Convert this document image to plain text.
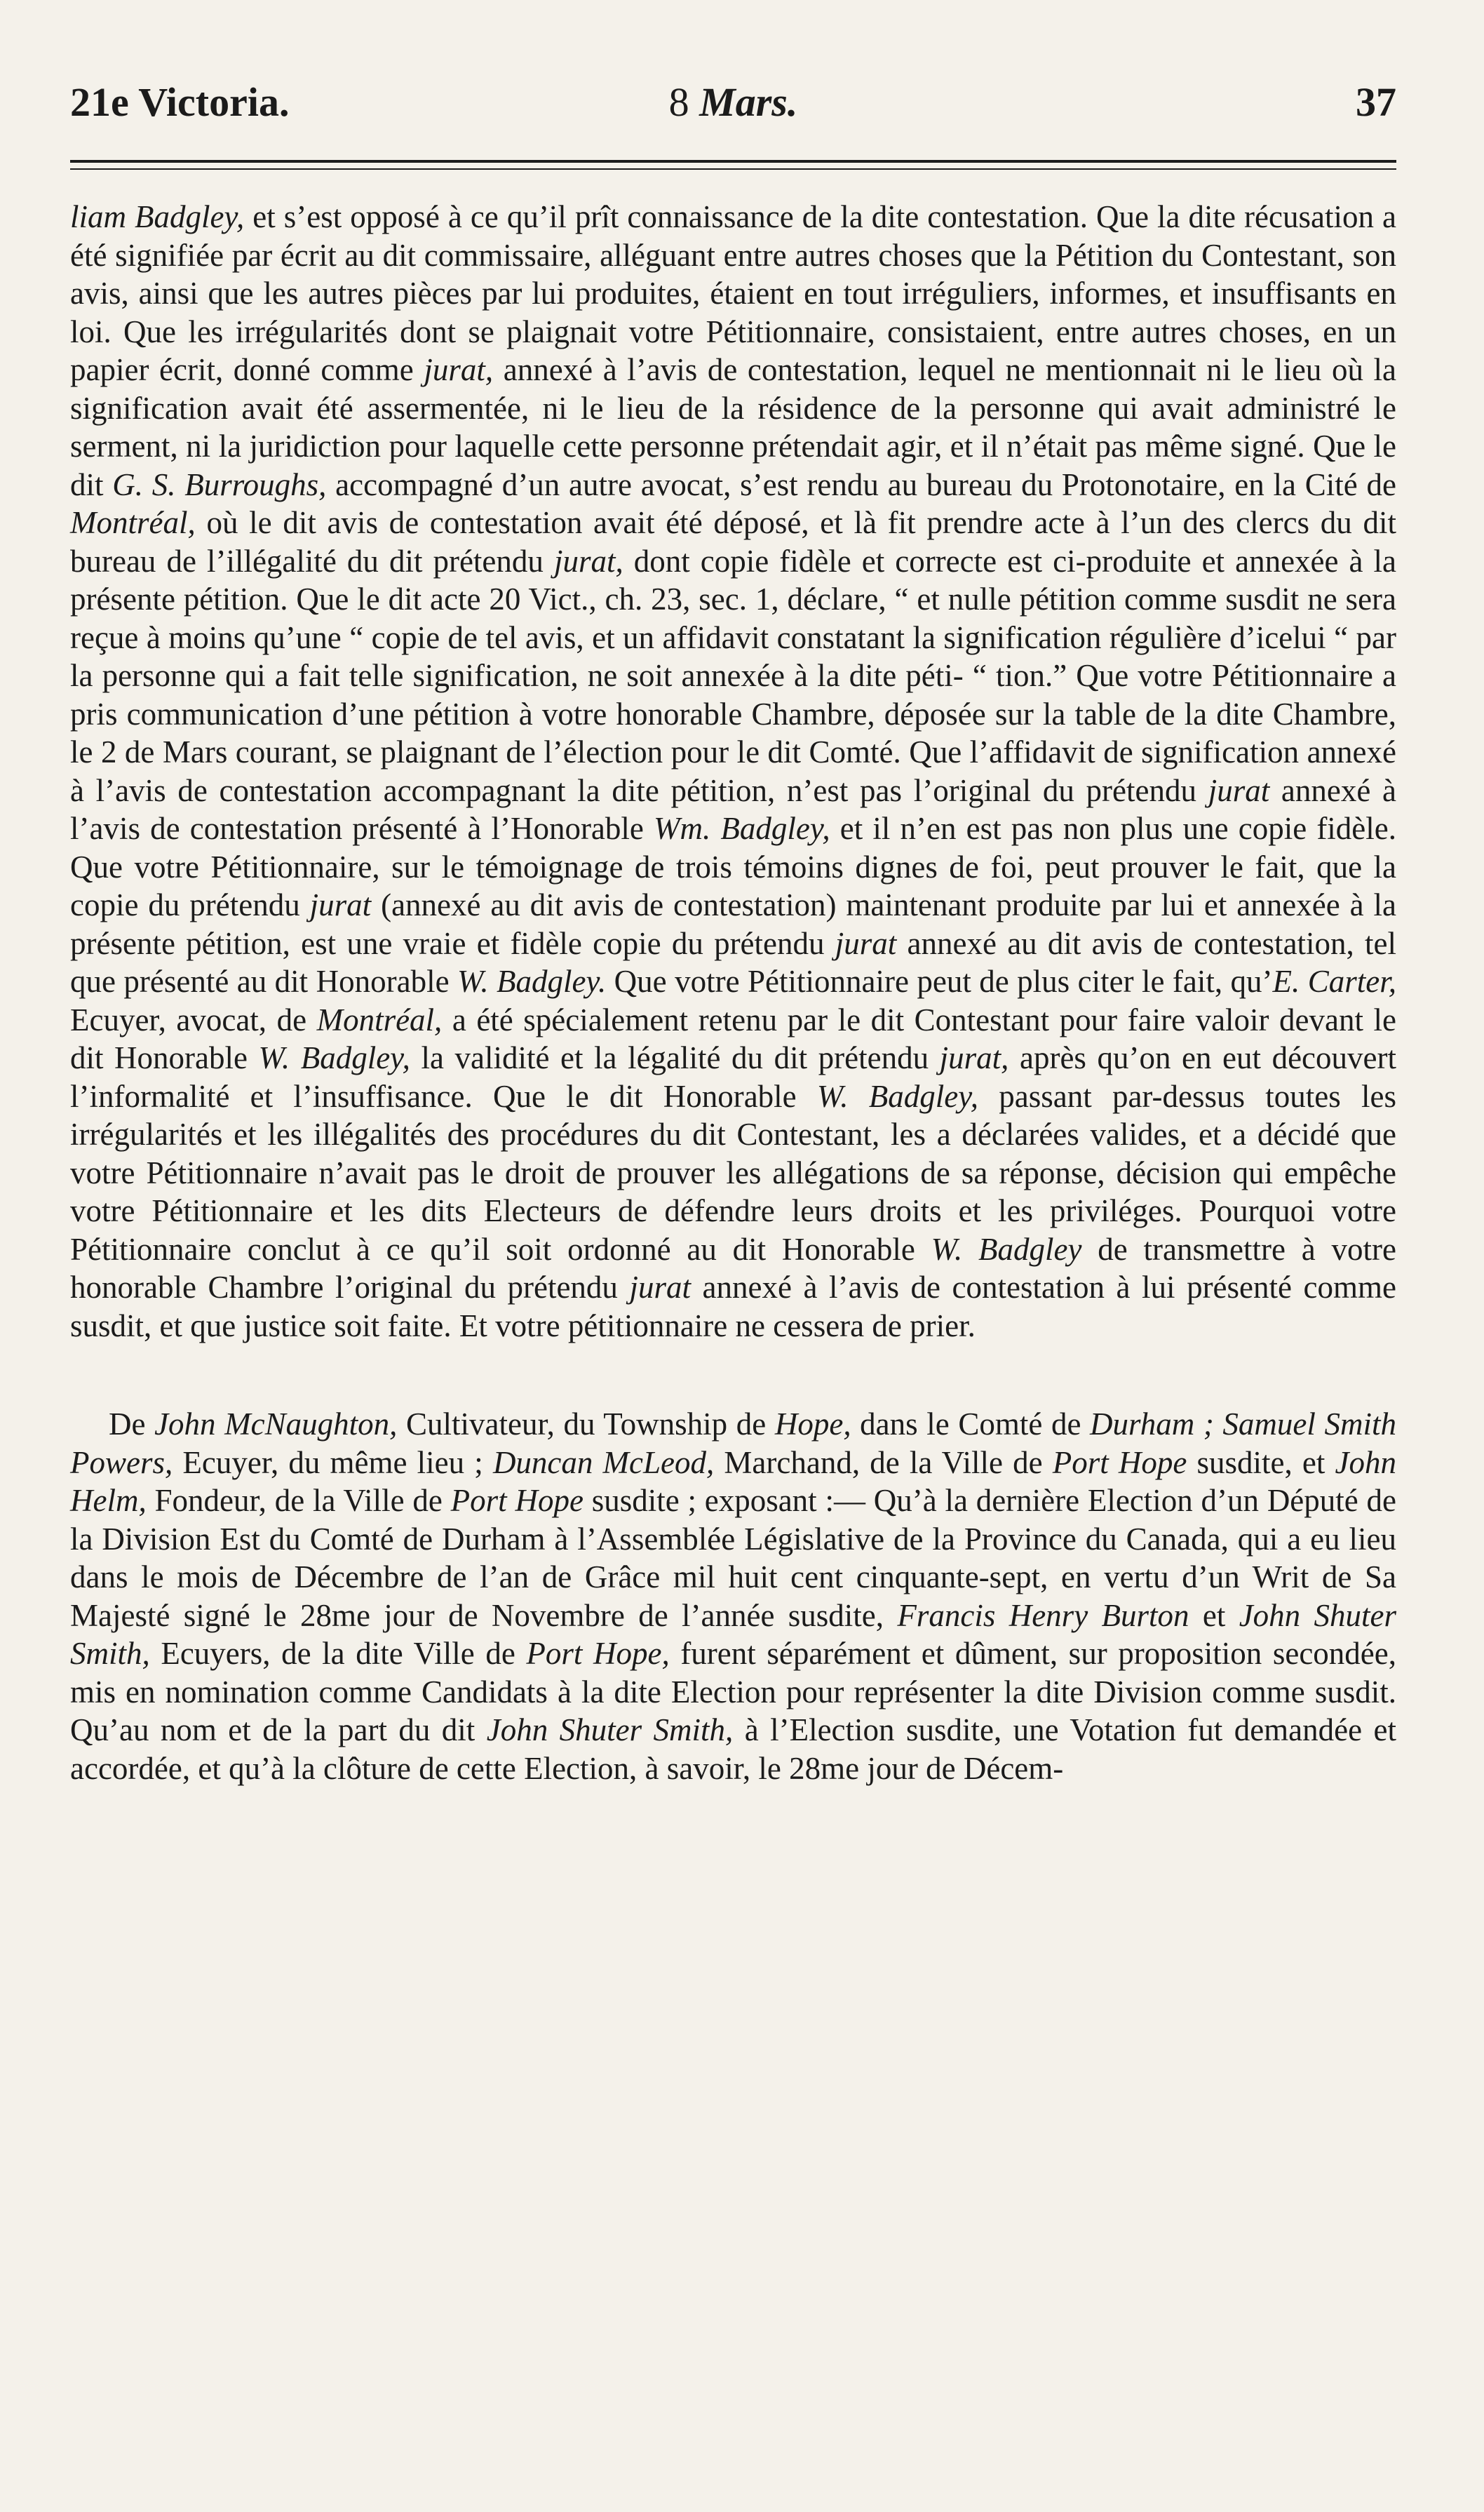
21e Victoria.	8 Mars.	37

liam Badgley, et s’est opposé à ce qu’il prît connaissance de la dite contestation. Que la dite récusation a été signifiée par écrit au dit commissaire, alléguant entre autres choses que la Pétition du Contestant, son avis, ainsi que les autres pièces par lui produites, étaient en tout irréguliers, informes, et insuffisants en loi. Que les irrégularités dont se plaignait votre Pétitionnaire, consistaient, entre autres choses, en un papier écrit, donné comme jurat, annexé à l’avis de contestation, lequel ne mentionnait ni le lieu où la signification avait été assermentée, ni le lieu de la résidence de la personne qui avait administré le serment, ni la juridiction pour laquelle cette personne prétendait agir, et il n’était pas même signé. Que le dit G. S. Burroughs, accompagné d’un autre avocat, s’est rendu au bureau du Protonotaire, en la Cité de Montréal, où le dit avis de contestation avait été déposé, et là fit prendre acte à l’un des clercs du dit bureau de l’illégalité du dit prétendu jurat, dont copie fidèle et correcte est ci-produite et annexée à la présente pétition. Que le dit acte 20 Vict., ch. 23, sec. 1, déclare, “ et nulle pétition comme susdit ne sera reçue à moins qu’une “ copie de tel avis, et un affidavit constatant la signification régulière d’icelui “ par la personne qui a fait telle signification, ne soit annexée à la dite péti- “ tion.” Que votre Pétitionnaire a pris communication d’une pétition à votre honorable Chambre, déposée sur la table de la dite Chambre, le 2 de Mars courant, se plaignant de l’élection pour le dit Comté. Que l’affidavit de signification annexé à l’avis de contestation accompagnant la dite pétition, n’est pas l’original du prétendu jurat annexé à l’avis de contestation présenté à l’Honorable Wm. Badgley, et il n’en est pas non plus une copie fidèle. Que votre Pétitionnaire, sur le témoignage de trois témoins dignes de foi, peut prouver le fait, que la copie du prétendu jurat (annexé au dit avis de contestation) maintenant produite par lui et annexée à la présente pétition, est une vraie et fidèle copie du prétendu jurat annexé au dit avis de contestation, tel que présenté au dit Honorable W. Badgley. Que votre Pétitionnaire peut de plus citer le fait, qu’E. Carter, Ecuyer, avocat, de Montréal, a été spécialement retenu par le dit Contestant pour faire valoir devant le dit Honorable W. Badgley, la validité et la légalité du dit prétendu jurat, après qu’on en eut découvert l’informalité et l’insuffisance. Que le dit Honorable W. Badgley, passant par-dessus toutes les irrégularités et les illégalités des procédures du dit Contestant, les a déclarées valides, et a décidé que votre Pétitionnaire n’avait pas le droit de prouver les allégations de sa réponse, décision qui empêche votre Pétitionnaire et les dits Electeurs de défendre leurs droits et les priviléges. Pourquoi votre Pétitionnaire conclut à ce qu’il soit ordonné au dit Honorable W. Badgley de transmettre à votre honorable Chambre l’original du prétendu jurat annexé à l’avis de contestation à lui présenté comme susdit, et que justice soit faite. Et votre pétitionnaire ne cessera de prier.

De John McNaughton, Cultivateur, du Township de Hope, dans le Comté de Durham ; Samuel Smith Powers, Ecuyer, du même lieu ; Duncan McLeod, Marchand, de la Ville de Port Hope susdite, et John Helm, Fondeur, de la Ville de Port Hope susdite ; exposant :— Qu’à la dernière Election d’un Député de la Division Est du Comté de Durham à l’Assemblée Législative de la Province du Canada, qui a eu lieu dans le mois de Décembre de l’an de Grâce mil huit cent cinquante-sept, en vertu d’un Writ de Sa Majesté signé le 28me jour de Novembre de l’année susdite, Francis Henry Burton et John Shuter Smith, Ecuyers, de la dite Ville de Port Hope, furent séparément et dûment, sur proposition secondée, mis en nomination comme Candidats à la dite Election pour représenter la dite Division comme susdit. Qu’au nom et de la part du dit John Shuter Smith, à l’Election susdite, une Votation fut demandée et accordée, et qu’à la clôture de cette Election, à savoir, le 28me jour de Décem-
